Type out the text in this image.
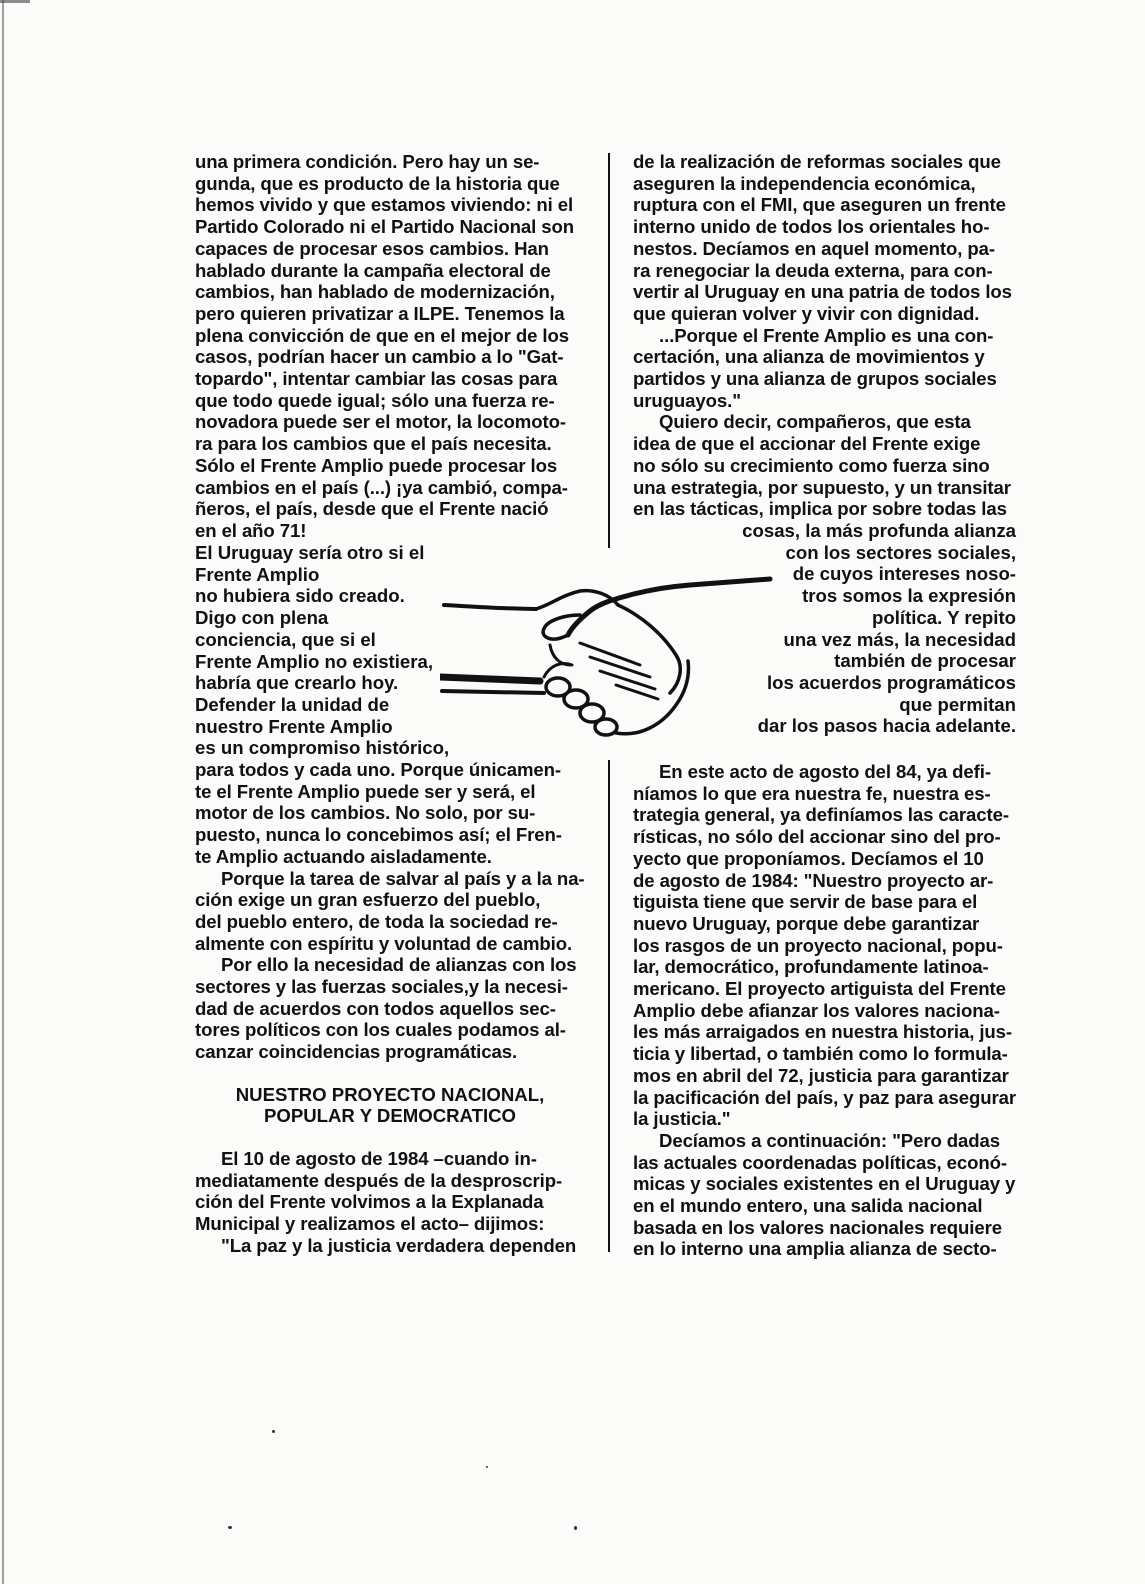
una primera condición. Pero hay un se-
gunda, que es producto de la historia que
hemos vivido y que estamos viviendo: ni el
Partido Colorado ni el Partido Nacional son
capaces de procesar esos cambios. Han
hablado durante la campaña electoral de
cambios, han hablado de modernización,
pero quieren privatizar a ILPE. Tenemos la
plena convicción de que en el mejor de los
casos, podrían hacer un cambio a lo "Gat-
topardo", intentar cambiar las cosas para
que todo quede igual; sólo una fuerza re-
novadora puede ser el motor, la locomoto-
ra para los cambios que el país necesita.
Sólo el Frente Amplio puede procesar los
cambios en el país (...) ¡ya cambió, compa-
ñeros, el país, desde que el Frente nació
en el año 71!
El Uruguay sería otro si el
Frente Amplio
no hubiera sido creado.
Digo con plena
conciencia, que si el
Frente Amplio no existiera,
habría que crearlo hoy.
Defender la unidad de
nuestro Frente Amplio
es un compromiso histórico,
para todos y cada uno. Porque únicamen-
te el Frente Amplio puede ser y será, el
motor de los cambios. No solo, por su-
puesto, nunca lo concebimos así; el Fren-
te Amplio actuando aisladamente.
Porque la tarea de salvar al país y a la na-
ción exige un gran esfuerzo del pueblo,
del pueblo entero, de toda la sociedad re-
almente con espíritu y voluntad de cambio.
Por ello la necesidad de alianzas con los
sectores y las fuerzas sociales,y la necesi-
dad de acuerdos con todos aquellos sec-
tores políticos con los cuales podamos al-
canzar coincidencias programáticas.
NUESTRO PROYECTO NACIONAL,
POPULAR Y DEMOCRATICO
El 10 de agosto de 1984 –cuando in-
mediatamente después de la desproscrip-
ción del Frente volvimos a la Explanada
Municipal y realizamos el acto– dijimos:
"La paz y la justicia verdadera dependen
de la realización de reformas sociales que
aseguren la independencia económica,
ruptura con el FMI, que aseguren un frente
interno unido de todos los orientales ho-
nestos. Decíamos en aquel momento, pa-
ra renegociar la deuda externa, para con-
vertir al Uruguay en una patria de todos los
que quieran volver y vivir con dignidad.
...Porque el Frente Amplio es una con-
certación, una alianza de movimientos y
partidos y una alianza de grupos sociales
uruguayos."
Quiero decir, compañeros, que esta
idea de que el accionar del Frente exige
no sólo su crecimiento como fuerza sino
una estrategia, por supuesto, y un transitar
en las tácticas, implica por sobre todas las
cosas, la más profunda alianza
con los sectores sociales,
de cuyos intereses noso-
tros somos la expresión
política. Y repito
una vez más, la necesidad
también de procesar
los acuerdos programáticos
que permitan
dar los pasos hacia adelante.
En este acto de agosto del 84, ya defi-
níamos lo que era nuestra fe, nuestra es-
trategia general, ya definíamos las caracte-
rísticas, no sólo del accionar sino del pro-
yecto que proponíamos. Decíamos el 10
de agosto de 1984: "Nuestro proyecto ar-
tiguista tiene que servir de base para el
nuevo Uruguay, porque debe garantizar
los rasgos de un proyecto nacional, popu-
lar, democrático, profundamente latinoa-
mericano. El proyecto artiguista del Frente
Amplio debe afianzar los valores naciona-
les más arraigados en nuestra historia, jus-
ticia y libertad, o también como lo formula-
mos en abril del 72, justicia para garantizar
la pacificación del país, y paz para asegurar
la justicia."
Decíamos a continuación: "Pero dadas
las actuales coordenadas políticas, econó-
micas y sociales existentes en el Uruguay y
en el mundo entero, una salida nacional
basada en los valores nacionales requiere
en lo interno una amplia alianza de secto-
